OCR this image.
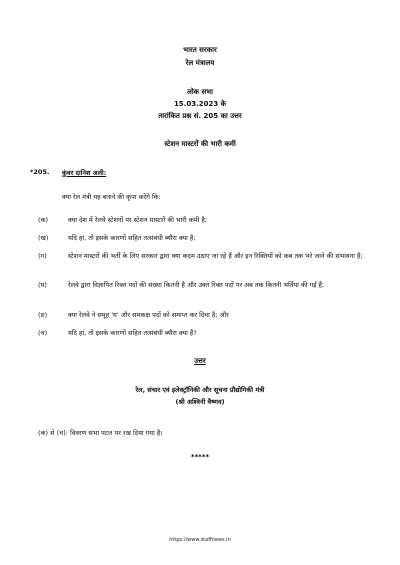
भारत सरकार
रेल मंत्रालय
लोक सभा
15.03.2023 के
तारांकित प्रश्न सं. 205 का उत्तर
स्टेशन मास्टरों की भारी कमी
*205. कुंवर दानिश अली:
क्या रेल मंत्री यह बताने की कृपा करेंगे कि:
(क)	क्या देश में रेलवे स्टेशनों पर स्टेशन मास्टरों की भारी कमी है;
(ख)	यदि हां, तो इसके कारणों सहित तत्संबंधी ब्यौरा क्या है;
(ग)	स्टेशन मास्टरों की भर्ती के लिए सरकार द्वारा क्या कदम उठाए जा रहे हैं और इन रिक्तियों को कब तक भरे जाने की संभावना है;
(घ)	रेलवे द्वारा विज्ञापित रिक्त पदों की संख्या कितनी है और उक्त रिक्त पदों पर अब तक कितनी भर्तियां की गई हैं;
(ङ)	क्या रेलवे ने समूह 'घ' और समकक्ष पदों को समाप्त कर दिया है; और
(च)	यदि हां, तो इसके कारणों सहित तत्संबंधी ब्यौरा क्या है?
उत्तर
रेल, संचार एवं इलेक्ट्रॉनिकी और सूचना प्रौद्योगिकी मंत्री
(श्री अश्विनी वैष्णव)
(क) से (च): विवरण सभा पटल पर रख दिया गया है।
*****
https://www.staffnews.in
